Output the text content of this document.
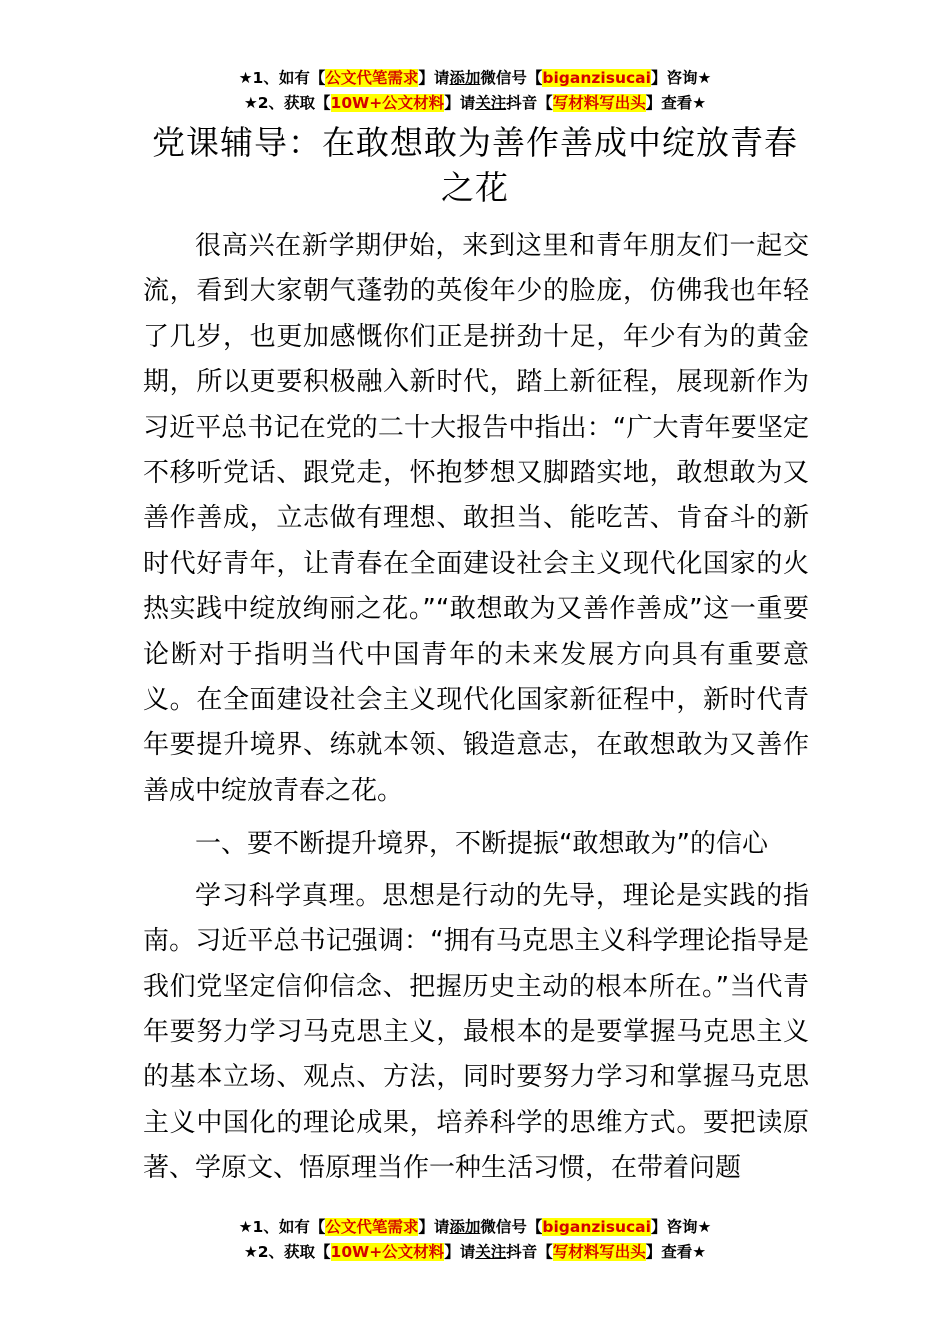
★1、如有【公文代笔需求】请添加微信号【biganzisucai】咨询★
★2、获取【10W+公文材料】请关注抖音【写材料写出头】查看★
党课辅导：在敢想敢为善作善成中绽放青春之花

很高兴在新学期伊始，来到这里和青年朋友们一起交流，看到大家朝气蓬勃的英俊年少的脸庞，仿佛我也年轻了几岁，也更加感慨你们正是拼劲十足，年少有为的黄金期，所以更要积极融入新时代，踏上新征程，展现新作为习近平总书记在党的二十大报告中指出：“广大青年要坚定不移听党话、跟党走，怀抱梦想又脚踏实地，敢想敢为又善作善成，立志做有理想、敢担当、能吃苦、肯奋斗的新时代好青年，让青春在全面建设社会主义现代化国家的火热实践中绽放绚丽之花。”“敢想敢为又善作善成”这一重要论断对于指明当代中国青年的未来发展方向具有重要意义。在全面建设社会主义现代化国家新征程中，新时代青年要提升境界、练就本领、锻造意志，在敢想敢为又善作善成中绽放青春之花。

一、要不断提升境界，不断提振“敢想敢为”的信心

学习科学真理。思想是行动的先导，理论是实践的指南。习近平总书记强调：“拥有马克思主义科学理论指导是我们党坚定信仰信念、把握历史主动的根本所在。”当代青年要努力学习马克思主义，最根本的是要掌握马克思主义的基本立场、观点、方法，同时要努力学习和掌握马克思主义中国化的理论成果，培养科学的思维方式。要把读原著、学原文、悟原理当作一种生活习惯，在带着问题

★1、如有【公文代笔需求】请添加微信号【biganzisucai】咨询★
★2、获取【10W+公文材料】请关注抖音【写材料写出头】查看★
